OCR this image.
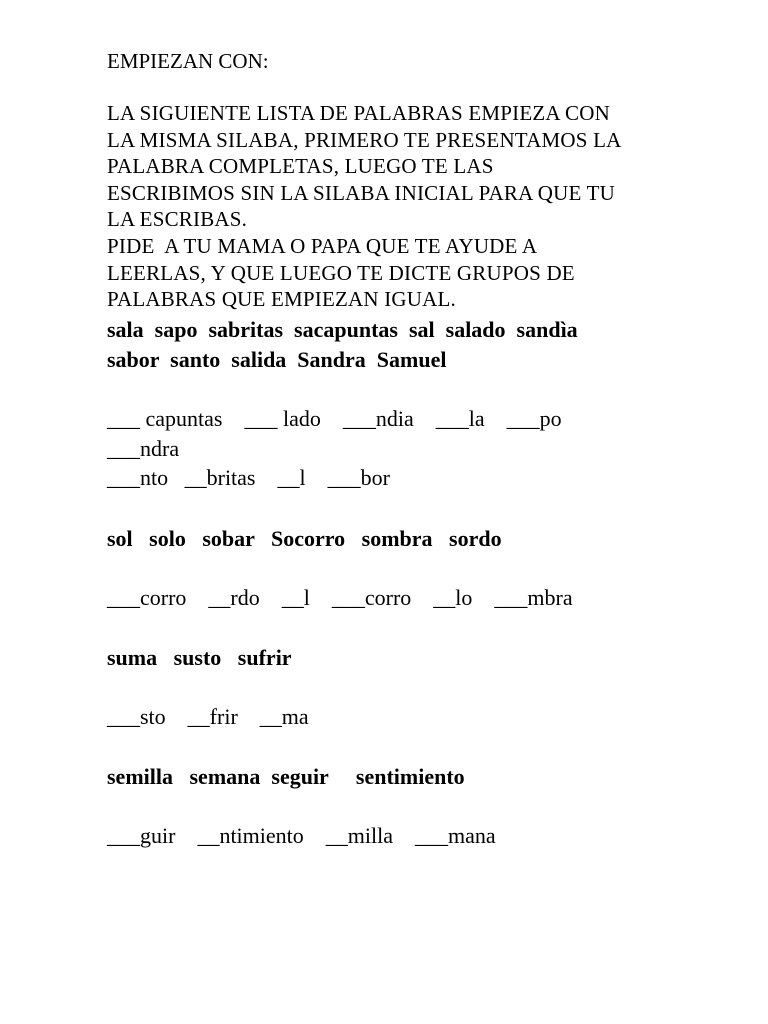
EMPIEZAN CON:
LA SIGUIENTE LISTA DE PALABRAS EMPIEZA CON
LA MISMA SILABA, PRIMERO TE PRESENTAMOS LA
PALABRA COMPLETAS, LUEGO TE LAS
ESCRIBIMOS SIN LA SILABA INICIAL PARA QUE TU
LA ESCRIBAS.
PIDE  A TU MAMA O PAPA QUE TE AYUDE A
LEERLAS, Y QUE LUEGO TE DICTE GRUPOS DE
PALABRAS QUE EMPIEZAN IGUAL.
sala  sapo  sabritas  sacapuntas  sal  salado  sandìa
sabor  santo  salida  Sandra  Samuel
___ capuntas    ___ lado    ___ndia    ___la    ___po
___ndra
___nto   __britas    __l    ___bor
sol   solo   sobar   Socorro   sombra   sordo
___corro    __rdo    __l    ___corro    __lo    ___mbra
suma   susto   sufrir
___sto    __frir    __ma
semilla   semana  seguir     sentimiento
___guir    __ntimiento    __milla    ___mana
